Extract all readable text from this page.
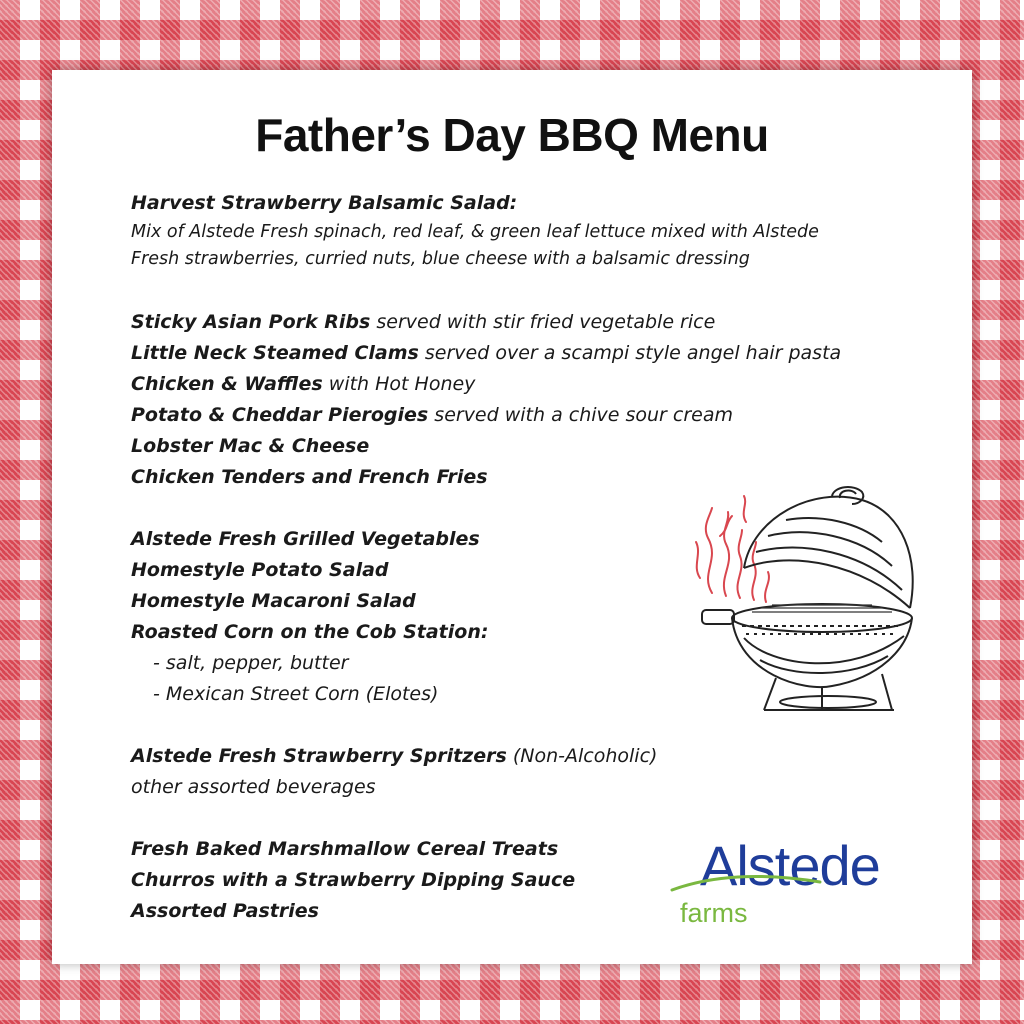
Father’s Day BBQ Menu

Harvest Strawberry Balsamic Salad:

Mix of Alstede Fresh spinach, red leaf, & green leaf lettuce mixed with Alstede

Fresh strawberries, curried nuts, blue cheese with a balsamic dressing

Sticky Asian Pork Ribs served with stir fried vegetable rice

Little Neck Steamed Clams served over a scampi style angel hair pasta

Chicken & Waffles with Hot Honey

Potato & Cheddar Pierogies served with a chive sour cream

Lobster Mac & Cheese

Chicken Tenders and French Fries

Alstede Fresh Grilled Vegetables

Homestyle Potato Salad

Homestyle Macaroni Salad

Roasted Corn on the Cob Station:

- salt, pepper, butter

- Mexican Street Corn (Elotes)

Alstede Fresh Strawberry Spritzers (Non-Alcoholic)

other assorted beverages

Fresh Baked Marshmallow Cereal Treats

Churros with a Strawberry Dipping Sauce

Assorted Pastries

Alstede
farms
